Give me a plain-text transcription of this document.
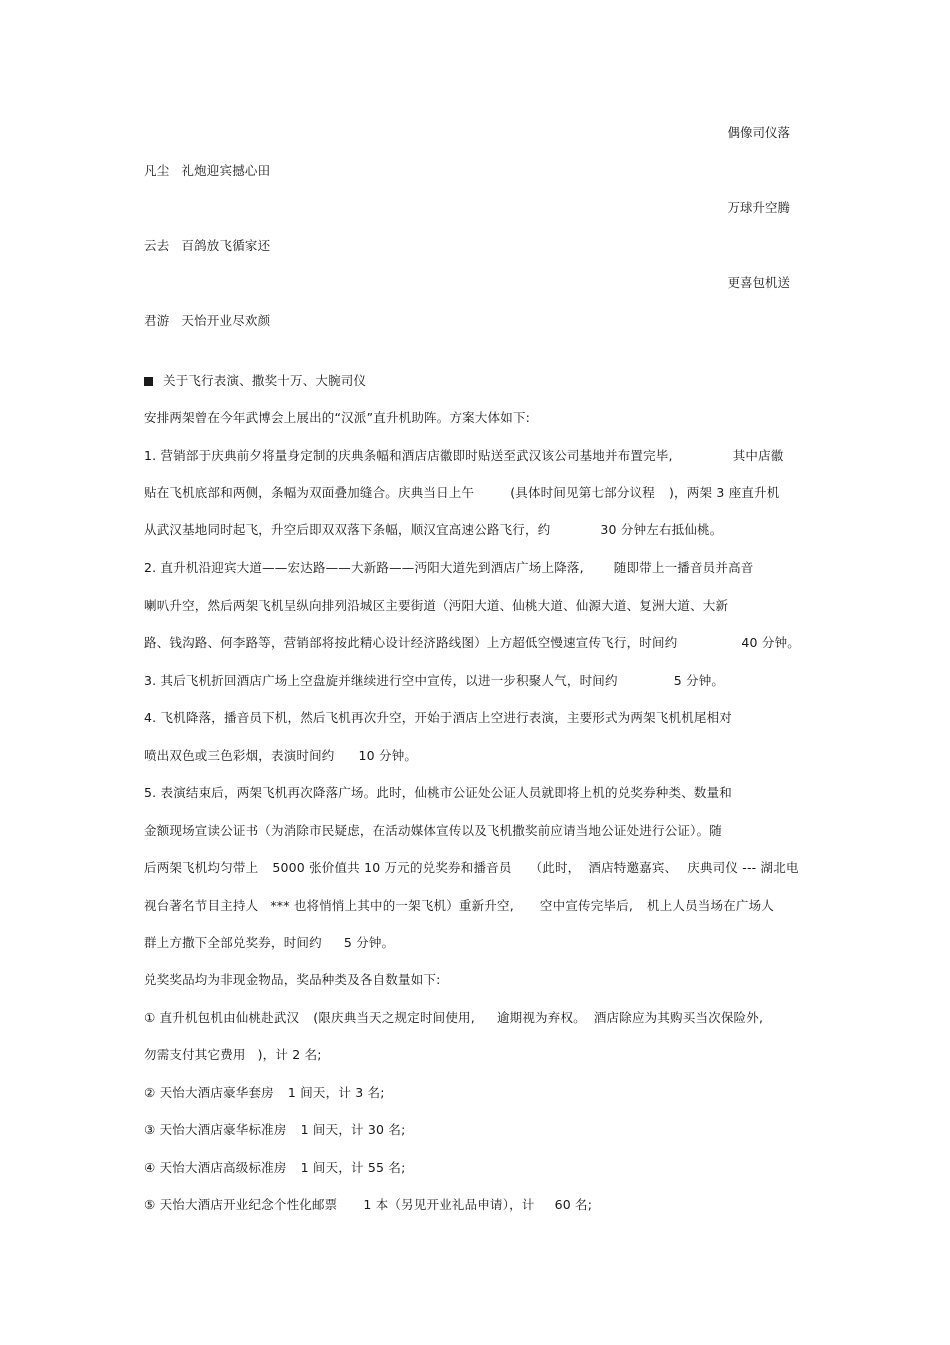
偶像司仪落
凡尘 礼炮迎宾撼心田
万球升空腾
云去 百鸽放飞循家还
更喜包机送
君游 天怡开业尽欢颜
关于飞行表演、撒奖十万、大腕司仪
安排两架曾在今年武博会上展出的“汉派”直升机助阵。方案大体如下:
1. 营销部于庆典前夕将量身定制的庆典条幅和酒店店徽即时贴送至武汉该公司基地并布置完毕,	其中店徽
贴在飞机底部和两侧，条幅为双面叠加缝合。庆典当日上午	(具体时间见第七部分议程 )，两架 3 座直升机
从武汉基地同时起飞，升空后即双双落下条幅，顺汉宜高速公路飞行，约	30 分钟左右抵仙桃。
2. 直升机沿迎宾大道——宏达路——大新路——沔阳大道先到酒店广场上降落, 随即带上一播音员并高音
喇叭升空，然后两架飞机呈纵向排列沿城区主要街道（沔阳大道、仙桃大道、仙源大道、复洲大道、大新
路、钱沟路、何李路等，营销部将按此精心设计经济路线图）上方超低空慢速宣传飞行，时间约	40 分钟。
3. 其后飞机折回酒店广场上空盘旋并继续进行空中宣传，以进一步积聚人气，时间约	5 分钟。
4. 飞机降落，播音员下机，然后飞机再次升空，开始于酒店上空进行表演，主要形式为两架飞机机尾相对
喷出双色或三色彩烟，表演时间约 10 分钟。
5. 表演结束后，两架飞机再次降落广场。此时，仙桃市公证处公证人员就即将上机的兑奖券种类、数量和
金额现场宣读公证书（为消除市民疑虑，在活动媒体宣传以及飞机撒奖前应请当地公证处进行公证）。随
后两架飞机均匀带上 5000 张价值共 10 万元的兑奖券和播音员 （此时， 酒店特邀嘉宾、 庆典司仪 --- 湖北电
视台著名节目主持人 *** 也将悄悄上其中的一架飞机）重新升空, 空中宣传完毕后, 机上人员当场在广场人
群上方撒下全部兑奖券，时间约 5 分钟。
兑奖奖品均为非现金物品，奖品种类及各自数量如下:
① 直升机包机由仙桃赴武汉 (限庆典当天之规定时间使用, 逾期视为弃权。 酒店除应为其购买当次保险外,
勿需支付其它费用 )，计 2 名;
② 天怡大酒店豪华套房 1 间天，计 3 名;
③ 天怡大酒店豪华标准房 1 间天，计 30 名;
④ 天怡大酒店高级标准房 1 间天，计 55 名;
⑤ 天怡大酒店开业纪念个性化邮票 1 本（另见开业礼品申请），计 60 名;
